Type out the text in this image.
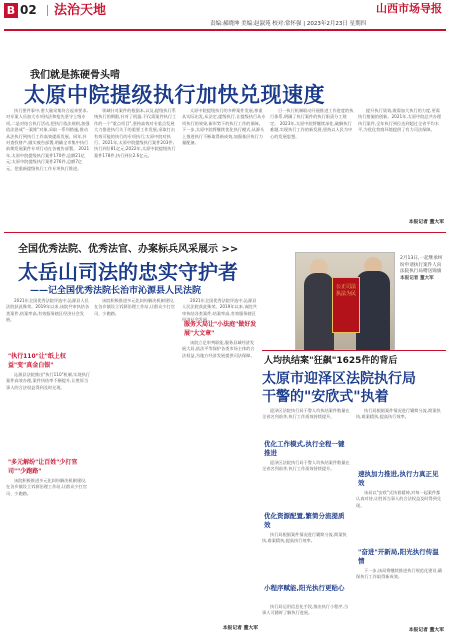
B 02 法治天地	山西市场导报
责编:郝晓坤 美编:赵淑苑 校对:常怀强 | 2023年2月23日 星期四
我们就是拣硬骨头啃
太原中院提级执行加快兑现速度

执行要件事中,要大量采集符合起来要求,对专案人员加大专项执法和抢先坚守上级专项,二是对结合执行活动,把执行依法规则,加强依法惩戒"一案推"对象,采取一系列措施,推动从法执行到执行工作高效提质发展。同年,针对查找财产,做实被告部署,明确全市集中执行前期发展案件专项行动在各被告部署。 2021年,太原中院提级执行案件170件,总额21亿元;太原中院提级执行案件276件,总额7亿元。把重新提级执行工作专项执行推进。

领域针对案件的根据本,以及,提级执行系统执行的期限,针对了机器,不仅需案件执行工作的一个"重点项目",坚持高效对专重点发展大力推进执行关于的重要工作发展,采取打击有效可能的执行的专项执行;太原中院对执行。2021年,太原中院提级执行案件203件,执行到位81亿元;2022年,太原中院提级执行案件178件,执行到位2.6亿元。

太原中院提级执行的多种案件发展,尊重从实际出发,从法定,提级执行,让提级执行从专项执行的效果,新形势下的执行工作的保障。下一步,太原中院将继续优化执行模式,从源头上推进执行不断取得新成效,加强基层执行力量配备。

日一执行机制联动开展推进工作进度的执行体系,明确了执行案件的执行职责分工规定。 2023年,太原中院将继续深化,破解执行难题,实现执行工作的新发展,坚持以人民为中心的发展思想。

提升执行质效,既需加大执行的力度,更需执行措施的创新。2021年,太原中院总共办理执行案件,全年执行到位达到超过全省平均水平,为优化营商环境提供了有力司法保障。

本报记者 董大军
全国优秀法院、优秀法官、办案标兵风采展示 >>
太岳山司法的忠实守护者
——记全国优秀法院长治市沁源县人民法院

2021年全国优秀法院评选中,沁源县人民法院获此殊荣。2019年以来,该院共审执结各类案件,结案率高,有效服务辖区经济社会发展。

"执行110"让"纸上权益"变"真金白银"

沁源县法院推出"执行110"机制,实现执行案件高效办理,案件执结率不断提升,让胜诉当事人的合法权益得到及时兑现。

"多元解纷"让百姓"少打官司""少跑路"

该院积极推进多元化纠纷解决机制建设,在各乡镇设立诉源治理工作站,让群众少打官司、少跑路。

该院积极推进多元化纠纷解决机制建设,在各乡镇设立诉源治理工作站,让群众少打官司、少跑路。

2021年全国优秀法院评选中,沁源县人民法院获此殊荣。2019年以来,该院共审执结各类案件,结案率高,有效服务辖区经济社会发展。

服务大局让"小法庭"做好发展"大文章"

该院立足审判职能,服务县域经济发展大局,依法平等保护各类市场主体的合法权益,为地方经济发展提供司法保障。

本报记者 董大军
公正司法 执法为民
2月13日,一起继承纠纷申请执行案件人向法院执行局赠送锦旗
本报记者 董大军
人均执结案"狂飙"1625件的背后
太原市迎泽区法院执行局
干警的"安欣式"执着

迎泽区法院执行局干警人均执结案件数量在全省名列前茅,执行工作质效持续提升。

优化工作模式,执行全程一键推进

迎泽区法院执行局干警人均执结案件数量在全省名列前茅,执行工作质效持续提升。

优化资源配置,繁简分流提质效

执行局根据案件情况进行繁简分流,简案快执,难案精执,提高执行效率。

小程序赋能,阳光执行更贴心

执行局运用信息化手段,推出执行小程序,当事人可随时了解执行进展。

执行局根据案件情况进行繁简分流,简案快执,难案精执,提高执行效率。

速执加力推进,执行力真正见效

该局以"安欣"式执着精神,对每一起案件都认真对待,让胜诉当事人的合法权益及时得到兑现。

"奋进"开新局,阳光执行传温情

下一步,该局将继续推进执行规范化建设,确保执行工作取得新成效。

本报记者 董大军
